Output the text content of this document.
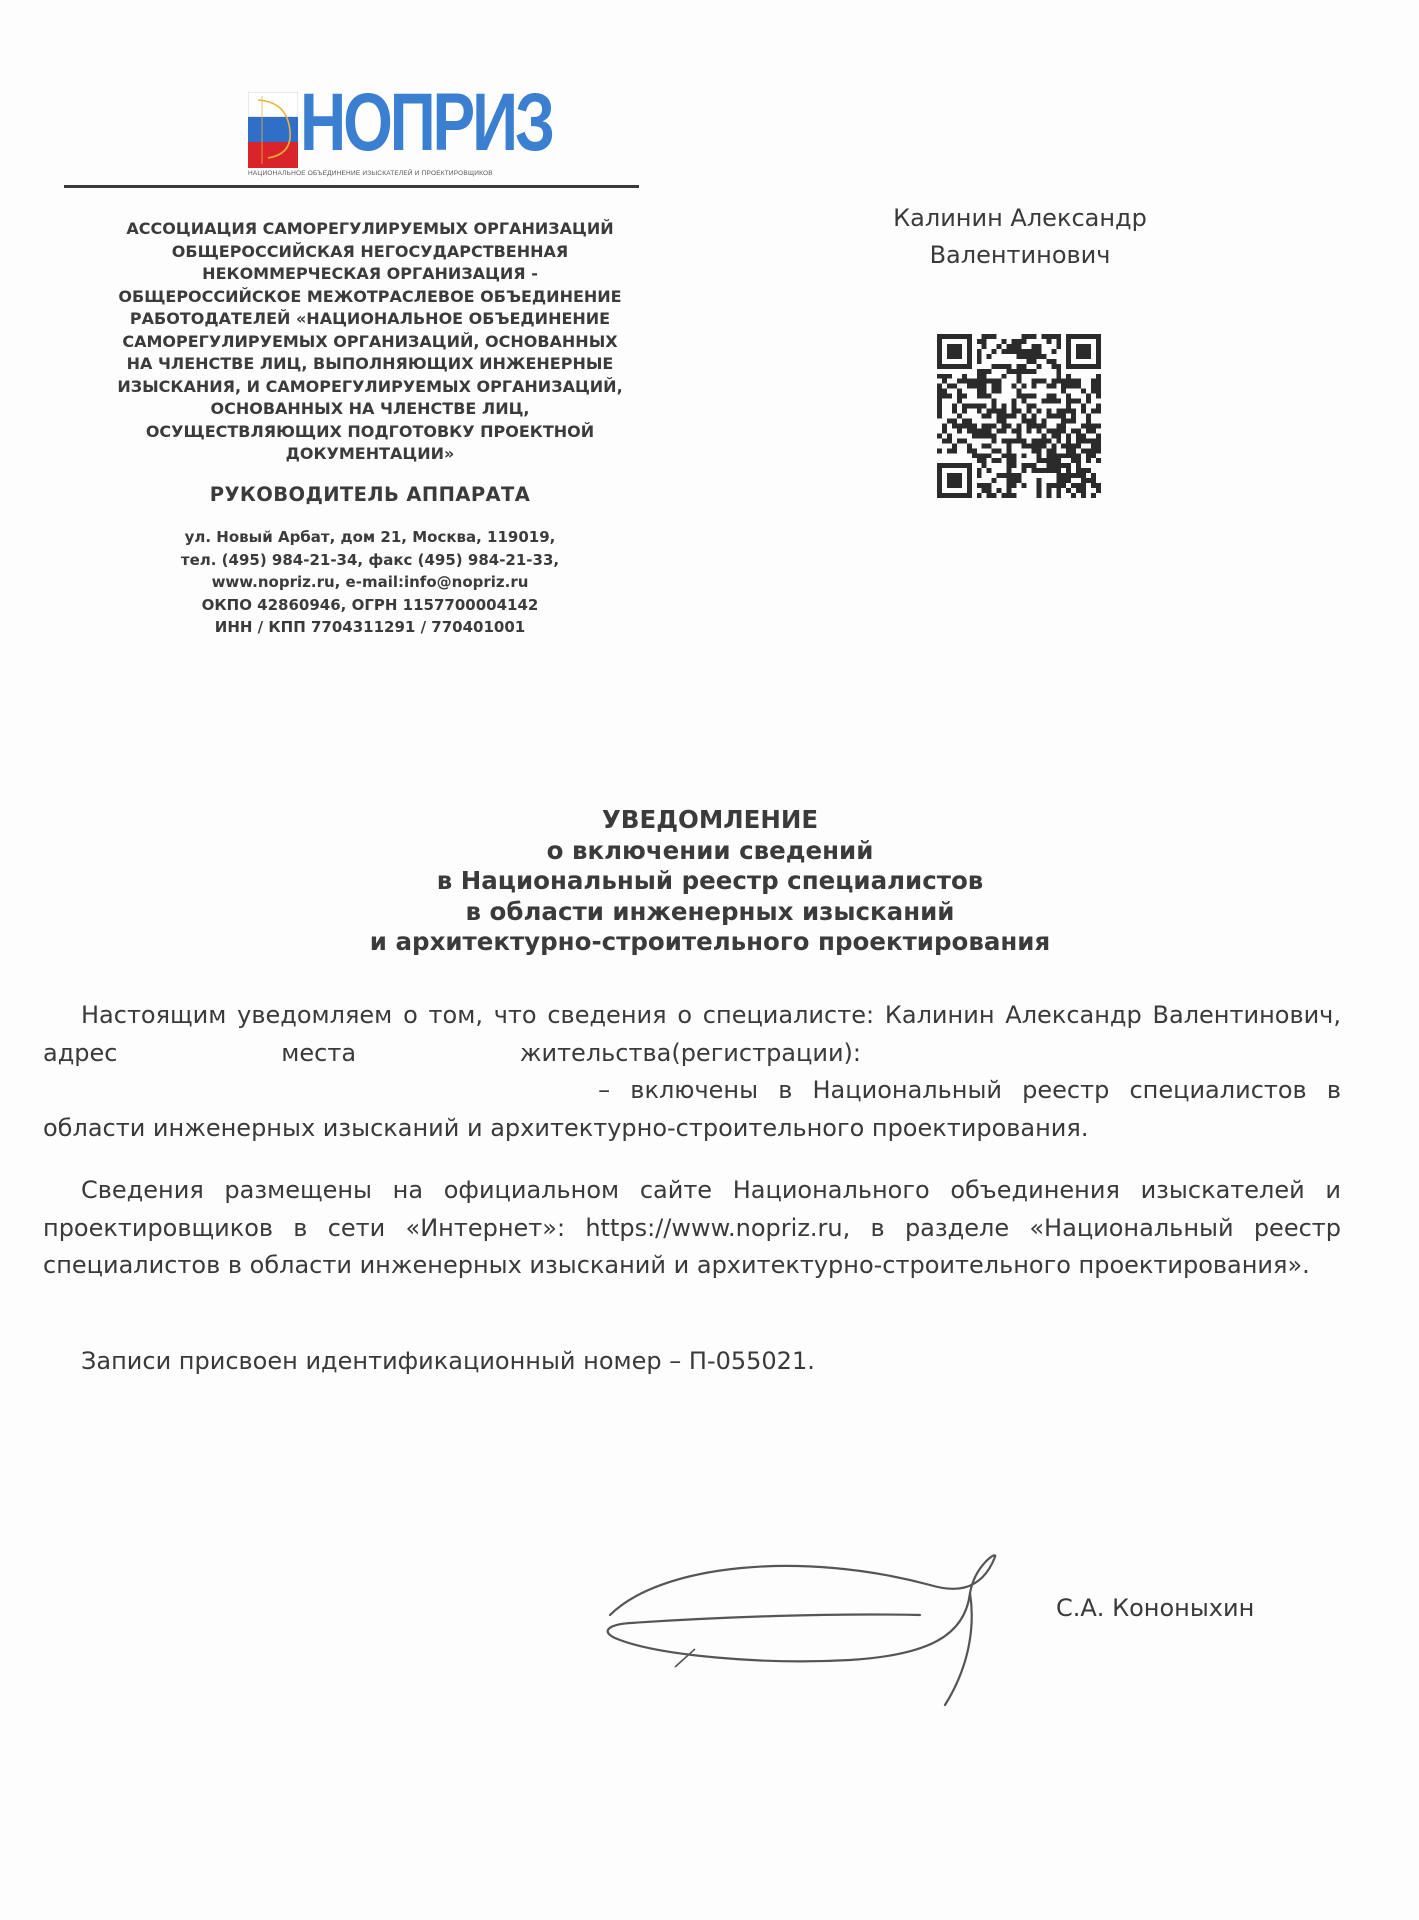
НОПРИЗ
НАЦИОНАЛЬНОЕ ОБЪЕДИНЕНИЕ ИЗЫСКАТЕЛЕЙ И ПРОЕКТИРОВЩИКОВ
АССОЦИАЦИЯ САМОРЕГУЛИРУЕМЫХ ОРГАНИЗАЦИЙ
ОБЩЕРОССИЙСКАЯ НЕГОСУДАРСТВЕННАЯ
НЕКОММЕРЧЕСКАЯ ОРГАНИЗАЦИЯ -
ОБЩЕРОССИЙСКОЕ МЕЖОТРАСЛЕВОЕ ОБЪЕДИНЕНИЕ
РАБОТОДАТЕЛЕЙ «НАЦИОНАЛЬНОЕ ОБЪЕДИНЕНИЕ
САМОРЕГУЛИРУЕМЫХ ОРГАНИЗАЦИЙ, ОСНОВАННЫХ
НА ЧЛЕНСТВЕ ЛИЦ, ВЫПОЛНЯЮЩИХ ИНЖЕНЕРНЫЕ
ИЗЫСКАНИЯ, И САМОРЕГУЛИРУЕМЫХ ОРГАНИЗАЦИЙ,
ОСНОВАННЫХ НА ЧЛЕНСТВЕ ЛИЦ,
ОСУЩЕСТВЛЯЮЩИХ ПОДГОТОВКУ ПРОЕКТНОЙ
ДОКУМЕНТАЦИИ»
РУКОВОДИТЕЛЬ АППАРАТА
ул. Новый Арбат, дом 21, Москва, 119019,
тел. (495) 984-21-34, факс (495) 984-21-33,
www.nopriz.ru, e-mail:info@nopriz.ru
ОКПО 42860946, ОГРН 1157700004142
ИНН / КПП 7704311291 / 770401001
Калинин Александр
Валентинович
УВЕДОМЛЕНИЕ
о включении сведений
в Национальный реестр специалистов
в области инженерных изысканий
и архитектурно-строительного проектирования

Настоящим уведомляем о том, что сведения о специалисте: Калинин Александр Валентинович, адрес места жительства(регистрации):  – включены в Национальный реестр специалистов в области инженерных изысканий и архитектурно-строительного проектирования.

Сведения размещены на официальном сайте Национального объединения изыскателей и проектировщиков в сети «Интернет»: https://www.nopriz.ru, в разделе «Национальный реестр специалистов в области инженерных изысканий и архитектурно-строительного проектирования».

Записи присвоен идентификационный номер – П-055021.

С.А. Кононыхин
